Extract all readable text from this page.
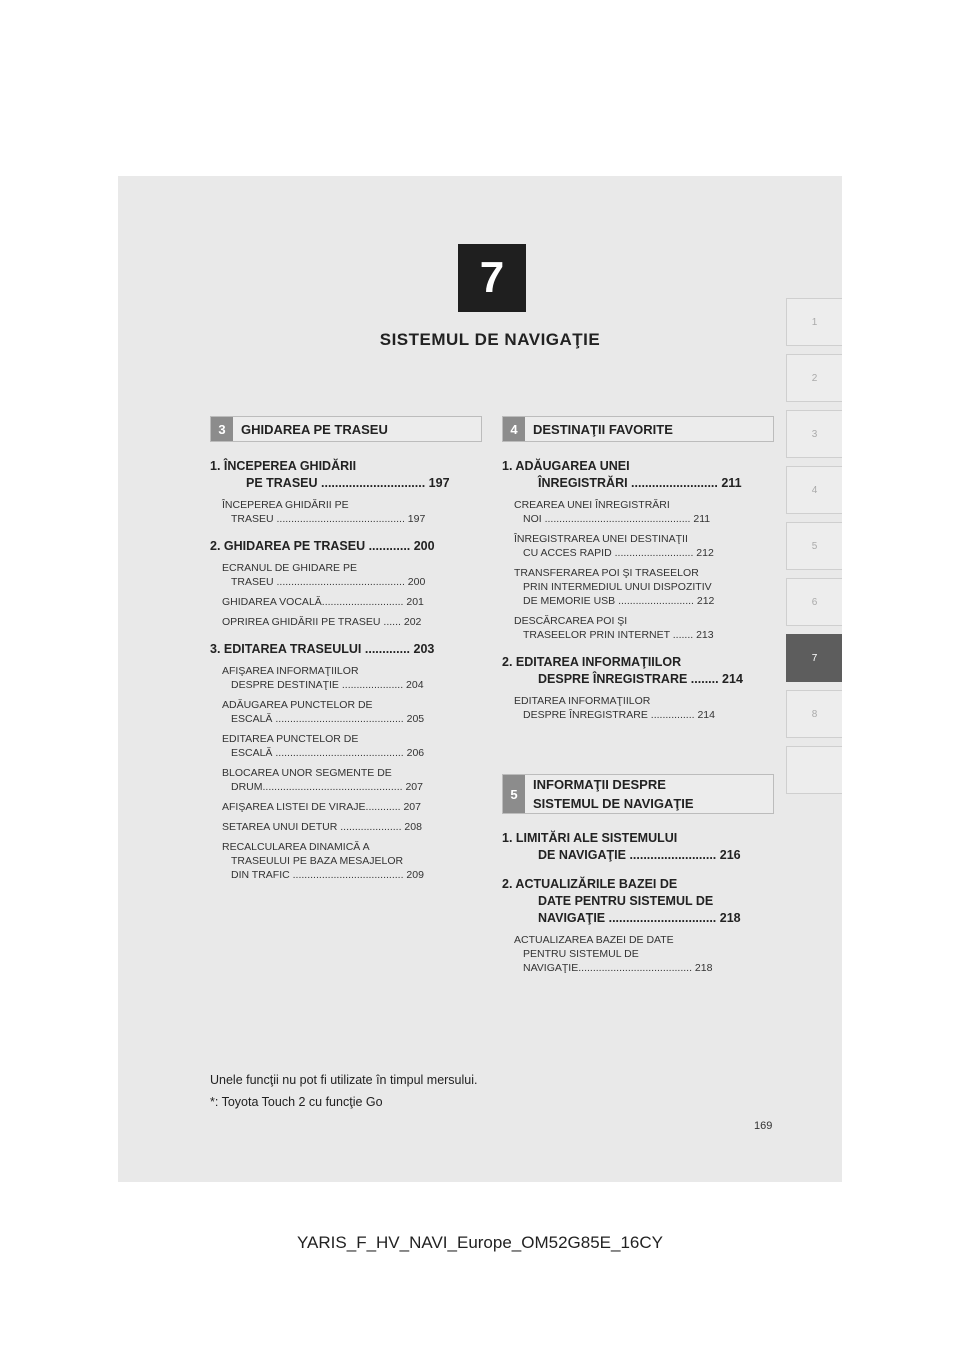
7
SISTEMUL DE NAVIGAŢIE
1
2
3
4
5
6
7
8
3	GHIDAREA PE TRASEU
1. ÎNCEPEREA GHIDĂRII
PE TRASEU .............................. 197
ÎNCEPEREA GHIDĂRII PE
TRASEU ............................................ 197
2. GHIDAREA PE TRASEU ............ 200
ECRANUL DE GHIDARE PE
TRASEU ............................................ 200
GHIDAREA VOCALĂ............................ 201
OPRIREA GHIDĂRII PE TRASEU ...... 202
3. EDITAREA TRASEULUI ............. 203
AFIŞAREA INFORMAŢIILOR
DESPRE DESTINAŢIE ..................... 204
ADĂUGAREA PUNCTELOR DE
ESCALĂ ............................................ 205
EDITAREA PUNCTELOR DE
ESCALĂ ............................................ 206
BLOCAREA UNOR SEGMENTE DE
DRUM................................................ 207
AFIŞAREA LISTEI DE VIRAJE............ 207
SETAREA UNUI DETUR ..................... 208
RECALCULAREA DINAMICĂ A
TRASEULUI PE BAZA MESAJELOR
DIN TRAFIC ...................................... 209
4	DESTINAŢII FAVORITE
1. ADĂUGAREA UNEI
ÎNREGISTRĂRI ......................... 211
CREAREA UNEI ÎNREGISTRĂRI
NOI .................................................. 211
ÎNREGISTRAREA UNEI DESTINAŢII
CU ACCES RAPID ........................... 212
TRANSFERAREA POI ŞI TRASEELOR
PRIN INTERMEDIUL UNUI DISPOZITIV
DE MEMORIE USB .......................... 212
DESCĂRCAREA POI ŞI
TRASEELOR PRIN INTERNET ....... 213
2. EDITAREA INFORMAŢIILOR
DESPRE ÎNREGISTRARE ........ 214
EDITAREA INFORMAŢIILOR
DESPRE ÎNREGISTRARE ............... 214
5
INFORMAŢII DESPRE
SISTEMUL DE NAVIGAŢIE
1. LIMITĂRI ALE SISTEMULUI
DE NAVIGAŢIE ......................... 216
2. ACTUALIZĂRILE BAZEI DE
DATE PENTRU SISTEMUL DE
NAVIGAŢIE ............................... 218
ACTUALIZAREA BAZEI DE DATE
PENTRU SISTEMUL DE
NAVIGAŢIE....................................... 218
Unele funcţii nu pot fi utilizate în timpul mersului.
*: Toyota Touch 2 cu funcţie Go
169
YARIS_F_HV_NAVI_Europe_OM52G85E_16CY
